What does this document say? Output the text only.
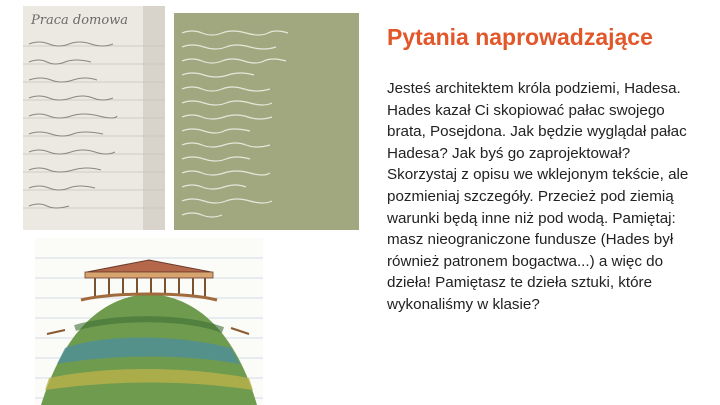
Praca domowa
Pytania naprowadzające

Jesteś architektem króla podziemi, Hadesa. Hades kazał Ci skopiować pałac swojego brata, Posejdona. Jak będzie wyglądał pałac Hadesa? Jak byś go zaprojektował? Skorzystaj z opisu we wklejonym tekście, ale pozmieniaj szczegóły. Przecież pod ziemią warunki będą inne niż pod wodą. Pamiętaj: masz nieograniczone fundusze (Hades był również patronem bogactwa...) a więc do dzieła! Pamiętasz te dzieła sztuki, które wykonaliśmy w klasie?
